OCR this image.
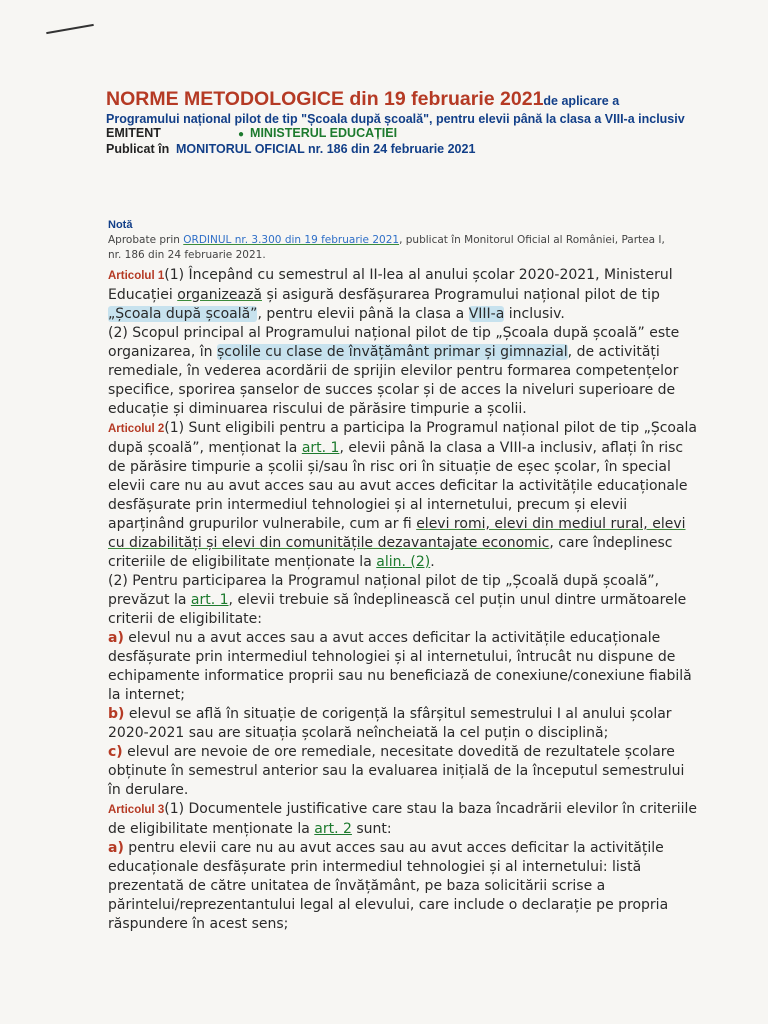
NORME METODOLOGICE din 19 februarie 2021de aplicare a
Programului național pilot de tip "Școala după școală", pentru elevii până la clasa a VIII-a inclusiv
EMITENT	● MINISTERUL EDUCAȚIEI
Publicat în MONITORUL OFICIAL nr. 186 din 24 februarie 2021
Notă
Aprobate prin ORDINUL nr. 3.300 din 19 februarie 2021, publicat în Monitorul Oficial al României, Partea I, nr. 186 din 24 februarie 2021.

Articolul 1(1) Începând cu semestrul al II-lea al anului școlar 2020-2021, Ministerul Educației organizează și asigură desfășurarea Programului național pilot de tip „Școala după școală”, pentru elevii până la clasa a VIII-a inclusiv.

(2) Scopul principal al Programului național pilot de tip „Școala după școală” este organizarea, în școlile cu clase de învățământ primar și gimnazial, de activități remediale, în vederea acordării de sprijin elevilor pentru formarea competențelor specifice, sporirea șanselor de succes școlar și de acces la niveluri superioare de educație și diminuarea riscului de părăsire timpurie a școlii.

Articolul 2(1) Sunt eligibili pentru a participa la Programul național pilot de tip „Școala după școală”, menționat la art. 1, elevii până la clasa a VIII-a inclusiv, aflați în risc de părăsire timpurie a școlii și/sau în risc ori în situație de eșec școlar, în special elevii care nu au avut acces sau au avut acces deficitar la activitățile educaționale desfășurate prin intermediul tehnologiei și al internetului, precum și elevii aparținând grupurilor vulnerabile, cum ar fi elevi romi, elevi din mediul rural, elevi cu dizabilități și elevi din comunitățile dezavantajate economic, care îndeplinesc criteriile de eligibilitate menționate la alin. (2).

(2) Pentru participarea la Programul național pilot de tip „Școală după școală”, prevăzut la art. 1, elevii trebuie să îndeplinească cel puțin unul dintre următoarele criterii de eligibilitate:

a) elevul nu a avut acces sau a avut acces deficitar la activitățile educaționale desfășurate prin intermediul tehnologiei și al internetului, întrucât nu dispune de echipamente informatice proprii sau nu beneficiază de conexiune/conexiune fiabilă la internet;

b) elevul se află în situație de corigență la sfârșitul semestrului I al anului școlar 2020-2021 sau are situația școlară neîncheiată la cel puțin o disciplină;

c) elevul are nevoie de ore remediale, necesitate dovedită de rezultatele școlare obținute în semestrul anterior sau la evaluarea inițială de la începutul semestrului în derulare.

Articolul 3(1) Documentele justificative care stau la baza încadrării elevilor în criteriile de eligibilitate menționate la art. 2 sunt:

a) pentru elevii care nu au avut acces sau au avut acces deficitar la activitățile educaționale desfășurate prin intermediul tehnologiei și al internetului: listă prezentată de către unitatea de învățământ, pe baza solicitării scrise a părintelui/reprezentantului legal al elevului, care include o declarație pe propria răspundere în acest sens;
